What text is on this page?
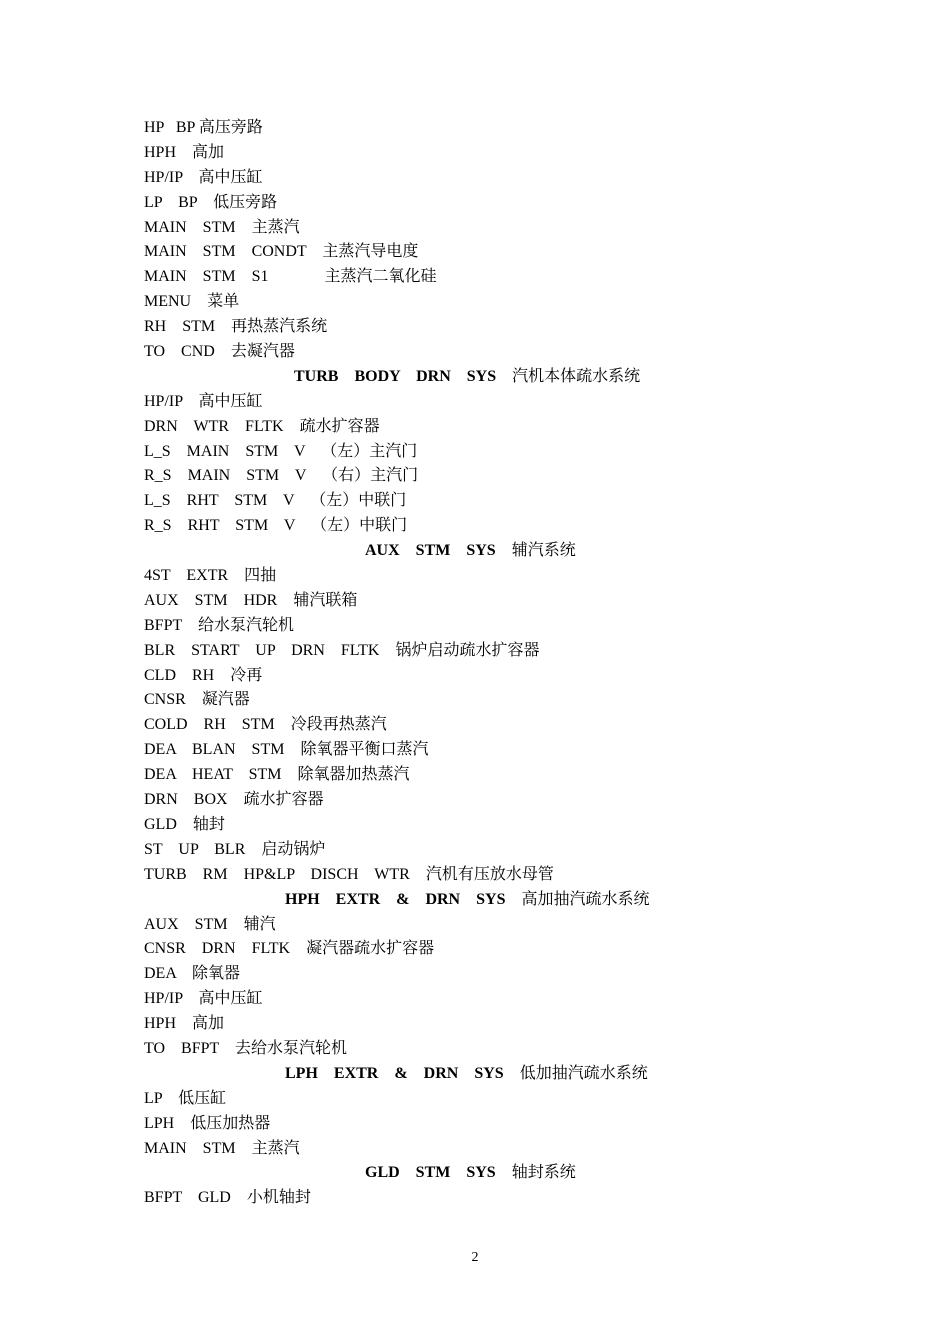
HP   BP 高压旁路
HPH 高加
HP/IP 高中压缸
LP    BP 低压旁路
MAIN    STM 主蒸汽
MAIN    STM    CONDT 主蒸汽导电度
MAIN    STM    S1	主蒸汽二氧化硅
MENU 菜单
RH    STM 再热蒸汽系统
TO    CND 去凝汽器
TURB    BODY    DRN    SYS 汽机本体疏水系统
HP/IP 高中压缸
DRN    WTR    FLTK 疏水扩容器
L_S    MAIN    STM    V （左）主汽门
R_S    MAIN    STM    V （右）主汽门
L_S    RHT    STM    V （左）中联门
R_S    RHT    STM    V （左）中联门
AUX    STM    SYS 辅汽系统
4ST    EXTR 四抽
AUX    STM    HDR 辅汽联箱
BFPT 给水泵汽轮机
BLR    START    UP    DRN    FLTK 锅炉启动疏水扩容器
CLD    RH 冷再
CNSR 凝汽器
COLD    RH    STM 冷段再热蒸汽
DEA    BLAN    STM 除氧器平衡口蒸汽
DEA    HEAT    STM 除氧器加热蒸汽
DRN    BOX 疏水扩容器
GLD 轴封
ST    UP    BLR 启动锅炉
TURB    RM    HP&LP    DISCH    WTR 汽机有压放水母管
HPH    EXTR    &    DRN    SYS 高加抽汽疏水系统
AUX    STM 辅汽
CNSR    DRN    FLTK 凝汽器疏水扩容器
DEA 除氧器
HP/IP 高中压缸
HPH 高加
TO    BFPT 去给水泵汽轮机
LPH    EXTR    &    DRN    SYS 低加抽汽疏水系统
LP 低压缸
LPH 低压加热器
MAIN    STM 主蒸汽
GLD    STM    SYS 轴封系统
BFPT    GLD 小机轴封
2
